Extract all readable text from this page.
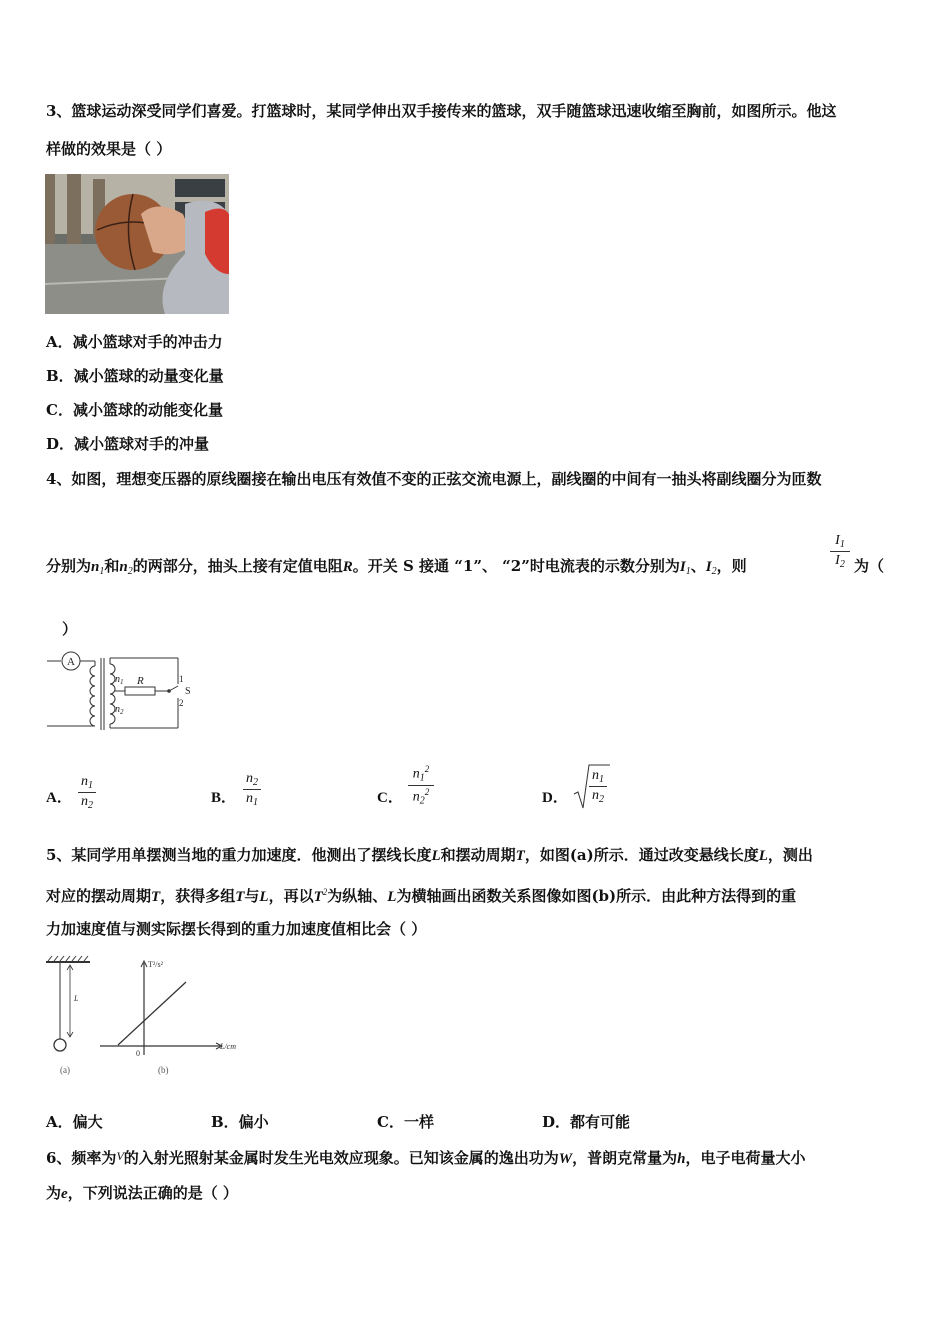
3、篮球运动深受同学们喜爱。打篮球时，某同学伸出双手接传来的篮球，双手随篮球迅速收缩至胸前，如图所示。他这
样做的效果是（ ）
A．减小篮球对手的冲击力
B．减小篮球的动量变化量
C．减小篮球的动能变化量
D．减小篮球对手的冲量
4、如图，理想变压器的原线圈接在输出电压有效值不变的正弦交流电源上，副线圈的中间有一抽头将副线圈分为匝数
分别为$n_1$和$n_2$的两部分，抽头上接有定值电阻R。开关 S 接通 “1”、 “2”时电流表的示数分别为$I_1$、$I_2$，则
$I_1$
$I_2$ 为（
）
A
$n_1$
$n_2$
R	1
2
S
A．
$n_1$
$n_2$	B．
$n_2$
$n_1$	C．
$n_1^2$
$n_2^2$	D．
$n_1$
$n_2$
5、某同学用单摆测当地的重力加速度．他测出了摆线长度L和摆动周期T，如图(a)所示．通过改变悬线长度L，测出
对应的摆动周期T，获得多组T与L，再以$T^2$为纵轴、L为横轴画出函数关系图像如图(b)所示．由此种方法得到的重
力加速度值与测实际摆长得到的重力加速度值相比会（ ）
L
(a)
T²/s²
L/cm
0
(b)
A．偏大	B．偏小	C．一样	D．都有可能
6、频率为$^V$的入射光照射某金属时发生光电效应现象。已知该金属的逸出功为W，普朗克常量为h，电子电荷量大小
为e，下列说法正确的是（ ）
